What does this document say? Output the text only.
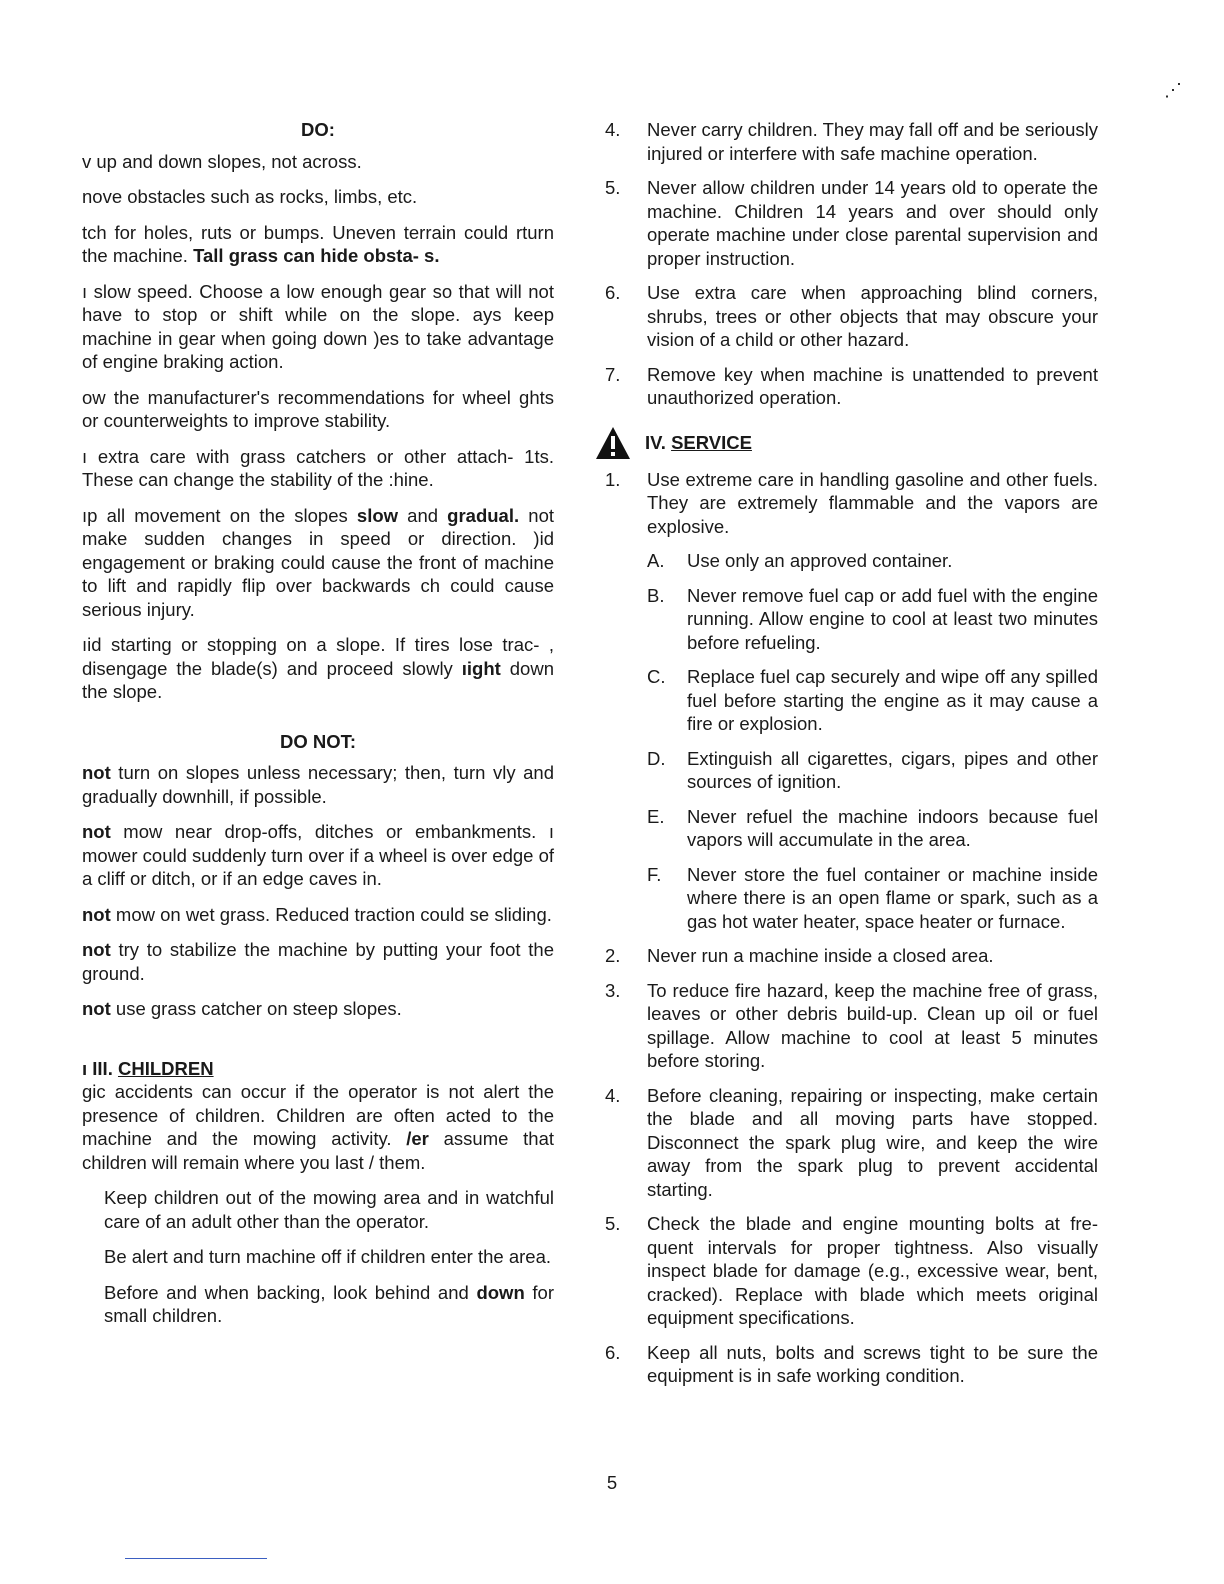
DO:
v up and down slopes, not across.
nove obstacles such as rocks, limbs, etc.
tch for holes, ruts or bumps. Uneven terrain could rturn the machine. Tall grass can hide obsta- s.
ı slow speed. Choose a low enough gear so that will not have to stop or shift while on the slope. ays keep machine in gear when going down )es to take advantage of engine braking action.
ow the manufacturer's recommendations for wheel ghts or counterweights to improve stability.
ı extra care with grass catchers or other attach- 1ts. These can change the stability of the :hine.
ıp all movement on the slopes slow and gradual. not make sudden changes in speed or direction. )id engagement or braking could cause the front of machine to lift and rapidly flip over backwards ch could cause serious injury.
ıid starting or stopping on a slope. If tires lose trac- , disengage the blade(s) and proceed slowly ıight down the slope.
DO NOT:
not turn on slopes unless necessary; then, turn vly and gradually downhill, if possible.
not mow near drop-offs, ditches or embankments. ı mower could suddenly turn over if a wheel is over edge of a cliff or ditch, or if an edge caves in.
not mow on wet grass. Reduced traction could se sliding.
not try to stabilize the machine by putting your foot the ground.
not use grass catcher on steep slopes.
ı III. CHILDREN
gic accidents can occur if the operator is not alert the presence of children. Children are often acted to the machine and the mowing activity. /er assume that children will remain where you last / them.
Keep children out of the mowing area and in watchful care of an adult other than the operator.
Be alert and turn machine off if children enter the area.
Before and when backing, look behind and down for small children.
4.	Never carry children. They may fall off and be seriously injured or interfere with safe machine operation.
5.	Never allow children under 14 years old to operate the machine. Children 14 years and over should only operate machine under close parental supervision and proper instruction.
6.	Use extra care when approaching blind corners, shrubs, trees or other objects that may obscure your vision of a child or other hazard.
7.	Remove key when machine is unattended to prevent unauthorized operation.
IV.
SERVICE
1.	Use extreme care in handling gasoline and other fuels. They are extremely flammable and the vapors are explosive.
A.	Use only an approved container.
B.	Never remove fuel cap or add fuel with the engine running. Allow engine to cool at least two minutes before refueling.
C.	Replace fuel cap securely and wipe off any spilled fuel before starting the engine as it may cause a fire or explosion.
D.	Extinguish all cigarettes, cigars, pipes and other sources of ignition.
E.	Never refuel the machine indoors because fuel vapors will accumulate in the area.
F.	Never store the fuel container or machine inside where there is an open flame or spark, such as a gas hot water heater, space heater or furnace.
2.	Never run a machine inside a closed area.
3.	To reduce fire hazard, keep the machine free of grass, leaves or other debris build-up. Clean up oil or fuel spillage. Allow machine to cool at least 5 minutes before storing.
4.	Before cleaning, repairing or inspecting, make certain the blade and all moving parts have stopped. Disconnect the spark plug wire, and keep the wire away from the spark plug to prevent accidental starting.
5.	Check the blade and engine mounting bolts at fre-quent intervals for proper tightness. Also visually inspect blade for damage (e.g., excessive wear, bent, cracked). Replace with blade which meets original equipment specifications.
6.	Keep all nuts, bolts and screws tight to be sure the equipment is in safe working condition.
5
⋰
